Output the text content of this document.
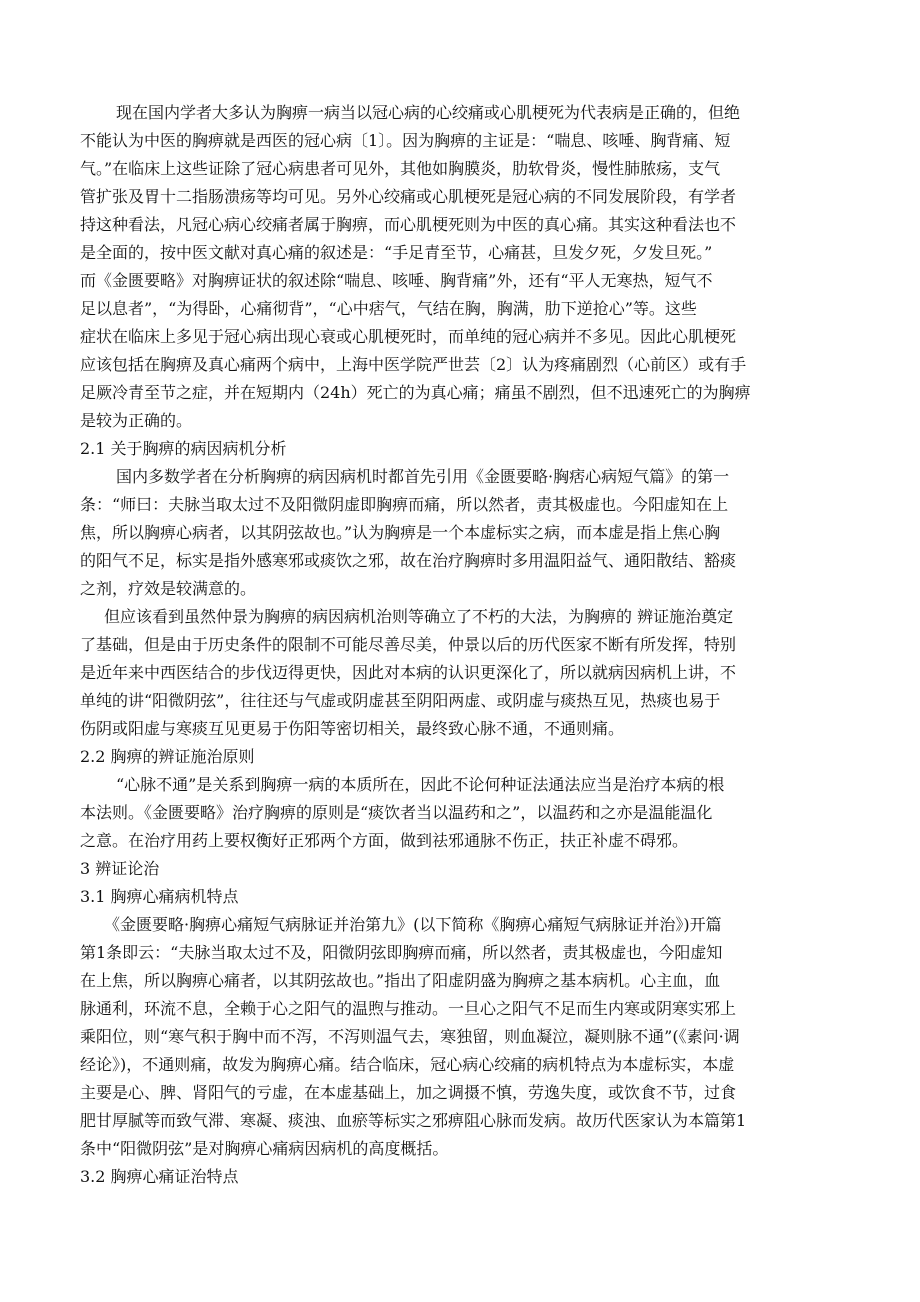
现在国内学者大多认为胸痹一病当以冠心病的心绞痛或心肌梗死为代表病是正确的，但绝
不能认为中医的胸痹就是西医的冠心病〔1〕。因为胸痹的主证是：“喘息、咳唾、胸背痛、短
气。”在临床上这些证除了冠心病患者可见外，其他如胸膜炎，肋软骨炎，慢性肺脓疡，支气
管扩张及胃十二指肠溃疡等均可见。另外心绞痛或心肌梗死是冠心病的不同发展阶段，有学者
持这种看法，凡冠心病心绞痛者属于胸痹，而心肌梗死则为中医的真心痛。其实这种看法也不
是全面的，按中医文献对真心痛的叙述是：“手足青至节，心痛甚，旦发夕死，夕发旦死。”
而《金匮要略》对胸痹证状的叙述除“喘息、咳唾、胸背痛”外，还有“平人无寒热，短气不
足以息者”，“为得卧，心痛彻背”，“心中痞气，气结在胸，胸满，肋下逆抢心”等。这些
症状在临床上多见于冠心病出现心衰或心肌梗死时，而单纯的冠心病并不多见。因此心肌梗死
应该包括在胸痹及真心痛两个病中，上海中医学院严世芸〔2〕认为疼痛剧烈（心前区）或有手
足厥冷青至节之症，并在短期内（24h）死亡的为真心痛；痛虽不剧烈，但不迅速死亡的为胸痹
是较为正确的。
2.1 关于胸痹的病因病机分析
国内多数学者在分析胸痹的病因病机时都首先引用《金匮要略·胸痞心病短气篇》的第一
条：“师曰：夫脉当取太过不及阳微阴虚即胸痹而痛，所以然者，责其极虚也。今阳虚知在上
焦，所以胸痹心病者，以其阴弦故也。”认为胸痹是一个本虚标实之病，而本虚是指上焦心胸
的阳气不足，标实是指外感寒邪或痰饮之邪，故在治疗胸痹时多用温阳益气、通阳散结、豁痰
之剂，疗效是较满意的。
但应该看到虽然仲景为胸痹的病因病机治则等确立了不朽的大法，为胸痹的 辨证施治奠定
了基础，但是由于历史条件的限制不可能尽善尽美，仲景以后的历代医家不断有所发挥，特别
是近年来中西医结合的步伐迈得更快，因此对本病的认识更深化了，所以就病因病机上讲，不
单纯的讲“阳微阴弦”，往往还与气虚或阴虚甚至阴阳两虚、或阴虚与痰热互见，热痰也易于
伤阴或阳虚与寒痰互见更易于伤阳等密切相关，最终致心脉不通，不通则痛。
2.2 胸痹的辨证施治原则
“心脉不通”是关系到胸痹一病的本质所在，因此不论何种证法通法应当是治疗本病的根
本法则。《金匮要略》治疗胸痹的原则是“痰饮者当以温药和之”，以温药和之亦是温能温化
之意。在治疗用药上要权衡好正邪两个方面，做到祛邪通脉不伤正，扶正补虚不碍邪。
3 辨证论治
3.1 胸痹心痛病机特点
《金匮要略·胸痹心痛短气病脉证并治第九》(以下简称《胸痹心痛短气病脉证并治》)开篇
第1条即云：“夫脉当取太过不及，阳微阴弦即胸痹而痛，所以然者，责其极虚也，今阳虚知
在上焦，所以胸痹心痛者，以其阴弦故也。”指出了阳虚阴盛为胸痹之基本病机。心主血，血
脉通利，环流不息，全赖于心之阳气的温煦与推动。一旦心之阳气不足而生内寒或阴寒实邪上
乘阳位，则“寒气积于胸中而不泻，不泻则温气去，寒独留，则血凝泣，凝则脉不通”(《素问·调
经论》)，不通则痛，故发为胸痹心痛。结合临床，冠心病心绞痛的病机特点为本虚标实，本虚
主要是心、脾、肾阳气的亏虚，在本虚基础上，加之调摄不慎，劳逸失度，或饮食不节，过食
肥甘厚腻等而致气滞、寒凝、痰浊、血瘀等标实之邪痹阻心脉而发病。故历代医家认为本篇第1
条中“阳微阴弦”是对胸痹心痛病因病机的高度概括。
3.2 胸痹心痛证治特点
